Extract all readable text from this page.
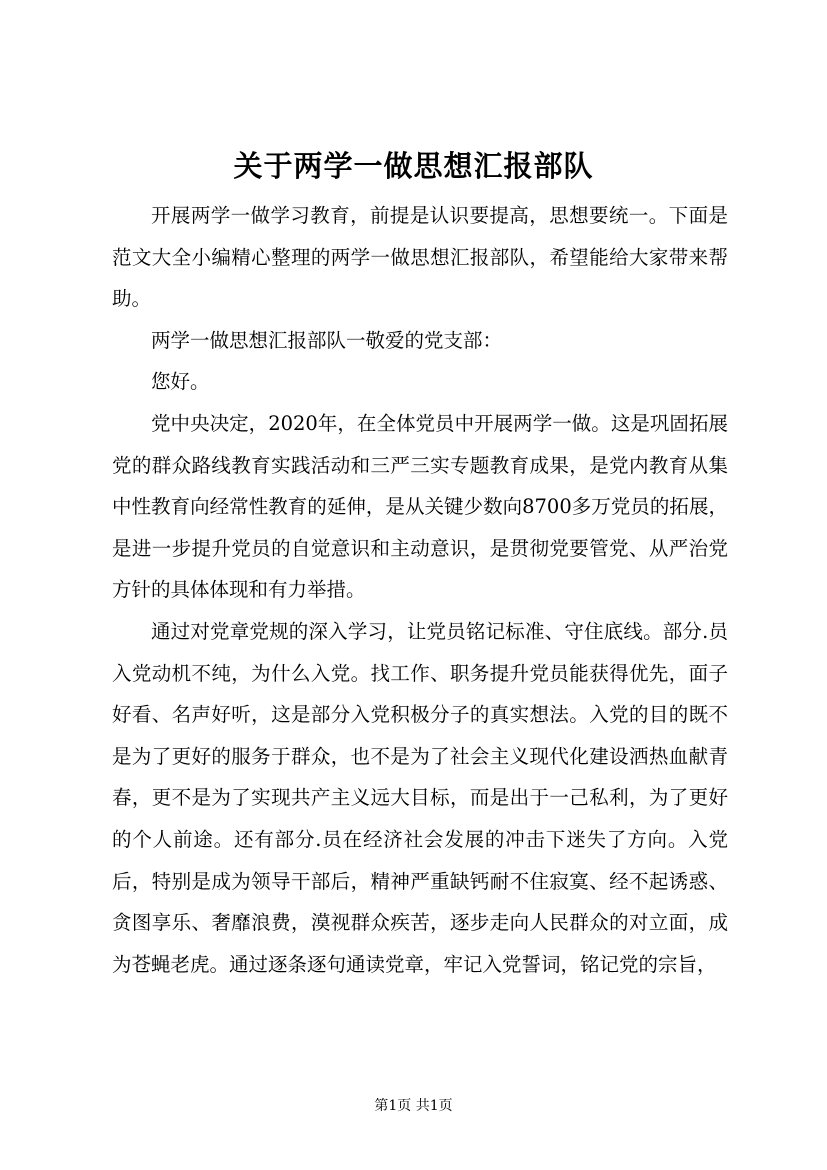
关于两学一做思想汇报部队

开展两学一做学习教育，前提是认识要提高，思想要统一。下面是范文大全小编精心整理的两学一做思想汇报部队，希望能给大家带来帮助。

两学一做思想汇报部队一敬爱的党支部：

您好。

党中央决定，2020年，在全体党员中开展两学一做。这是巩固拓展党的群众路线教育实践活动和三严三实专题教育成果，是党内教育从集中性教育向经常性教育的延伸，是从关键少数向8700多万党员的拓展，是进一步提升党员的自觉意识和主动意识，是贯彻党要管党、从严治党方针的具体体现和有力举措。

通过对党章党规的深入学习，让党员铭记标准、守住底线。部分.员入党动机不纯，为什么入党。找工作、职务提升党员能获得优先，面子好看、名声好听，这是部分入党积极分子的真实想法。入党的目的既不是为了更好的服务于群众，也不是为了社会主义现代化建设洒热血献青春，更不是为了实现共产主义远大目标，而是出于一己私利，为了更好的个人前途。还有部分.员在经济社会发展的冲击下迷失了方向。入党后，特别是成为领导干部后，精神严重缺钙耐不住寂寞、经不起诱惑、贪图享乐、奢靡浪费，漠视群众疾苦，逐步走向人民群众的对立面，成为苍蝇老虎。通过逐条逐句通读党章，牢记入党誓词，铭记党的宗旨，

第1页 共1页
